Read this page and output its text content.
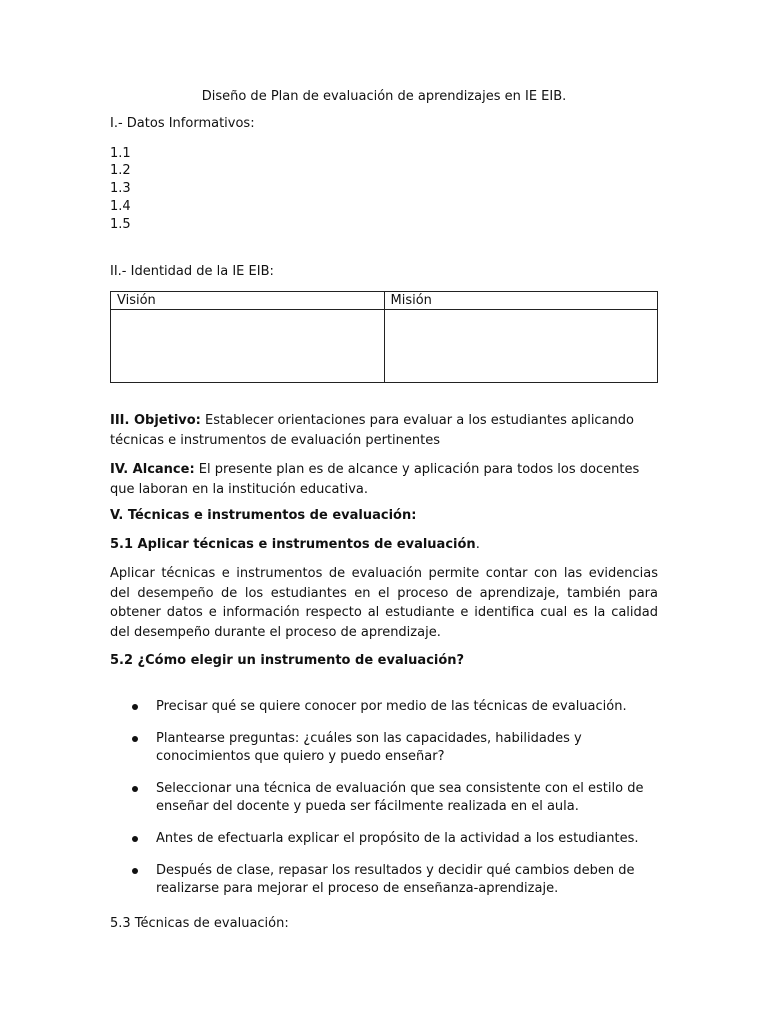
Diseño de Plan de evaluación de aprendizajes en IE EIB.

I.- Datos Informativos:

1.1

1.2

1.3

1.4

1.5

II.- Identidad de la IE EIB:

Visión	Misión

III. Objetivo: Establecer orientaciones para evaluar a los estudiantes aplicando técnicas e instrumentos de evaluación pertinentes

IV. Alcance: El presente plan es de alcance y aplicación para todos los docentes que laboran en la institución educativa.

V. Técnicas e instrumentos de evaluación:

5.1 Aplicar técnicas e instrumentos de evaluación.

Aplicar técnicas e instrumentos de evaluación permite contar con las evidencias del desempeño de los estudiantes en el proceso de aprendizaje, también para obtener datos e información respecto al estudiante e identifica cual es la calidad del desempeño durante el proceso de aprendizaje.

5.2 ¿Cómo elegir un instrumento de evaluación?

Precisar qué se quiere conocer por medio de las técnicas de evaluación.
Plantearse preguntas: ¿cuáles son las capacidades, habilidades y conocimientos que quiero y puedo enseñar?
Seleccionar una técnica de evaluación que sea consistente con el estilo de enseñar del docente y pueda ser fácilmente realizada en el aula.
Antes de efectuarla explicar el propósito de la actividad a los estudiantes.
Después de clase, repasar los resultados y decidir qué cambios deben de realizarse para mejorar el proceso de enseñanza-aprendizaje.

5.3 Técnicas de evaluación:
